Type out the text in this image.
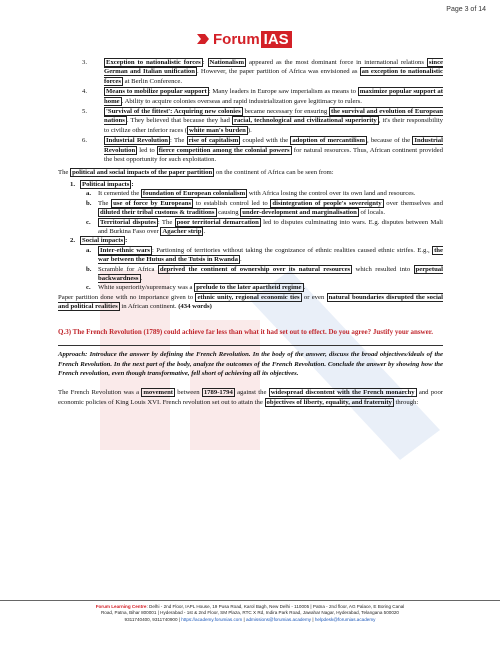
Page 3 of 14
Forum IAS
3.	Exception to nationalistic forces : Nationalism appeared as the most dominant force in international relations since German and Italian unification . However, the paper partition of Africa was envisioned as an exception to nationalistic forces at Berlin Conference.
4.	Means to mobilize popular support : Many leaders in Europe saw imperialism as means to maximize popular support at home . Ability to acquire colonies overseas and rapid industrialization gave legitimacy to rulers.
5.	'Survival of the fittest': Acquiring new colonies became necessary for ensuring the survival and evolution of European nations . They believed that because they had racial, technological and civilizational superiority , it's their responsibility to civilize other inferior races ( white man's burden ).
6.	Industrial Revolution : The rise of capitalism coupled with the adoption of mercantilism , because of the Industrial Revolution led to fierce competition among the colonial powers for natural resources. Thus, African continent provided the best opportunity for such exploitation.
The political and social impacts of the paper partition on the continent of Africa can be seen from:
1. Political impacts :
a. It cemented the foundation of European colonialism with Africa losing the control over its own land and resources.
b. The use of force by Europeans to establish control led to disintegration of people's sovereignty over themselves and diluted their tribal customs & traditions causing under-development and marginalisation of locals.
c. Territorial disputes : The poor territorial demarcation led to disputes culminating into wars. E.g. disputes between Mali and Burkina Faso over Agacher strip .
2. Social impacts :
a. Inter-ethnic wars : Partioning of territories without taking the cognizance of ethnic realities caused ethnic strifes. E.g., the war between the Hutus and the Tutsis in Rwanda .
b. Scramble for Africa deprived the continent of ownership over its natural resources which resulted into perpetual backwardness .
c. White superiority/supremacy was a prelude to the later apartheid regime .
Paper partition done with no importance given to ethnic unity, regional economic ties or even natural boundaries disrupted the social and political realities in African continent. (434 words)
Q.3) The French Revolution (1789) could achieve far less than what it had set out to effect. Do you agree? Justify your answer.
Approach: Introduce the answer by defining the French Revolution. In the body of the answer, discuss the broad objectives/ideals of the French Revolution. In the next part of the body, analyze the outcomes of the French Revolution. Conclude the answer by showing how the French revolution, even though transformative, fell short of achieving all its objectives.
The French Revolution was a movement between 1789-1794 against the widespread discontent with the French monarchy and poor economic policies of King Louis XVI. French revolution set out to attain the objectives of liberty, equality, and fraternity through:
Forum Learning Centre: Delhi - 2nd Floor, IAPL House, 19 Pusa Road, Karol Bagh, New Delhi - 110005 | Patna - 2nd floor, AG Palace, E Boring Canal
Road, Patna, Bihar 800001 | Hyderabad - 1st & 2nd Floor, SM Plaza, RTC X Rd, Indira Park Road, Jawahar Nagar, Hyderabad, Telangana 500020
9311740400, 9311740900 | https://academy.forumias.com | admissions@forumias.academy | helpdesk@forumias.academy
